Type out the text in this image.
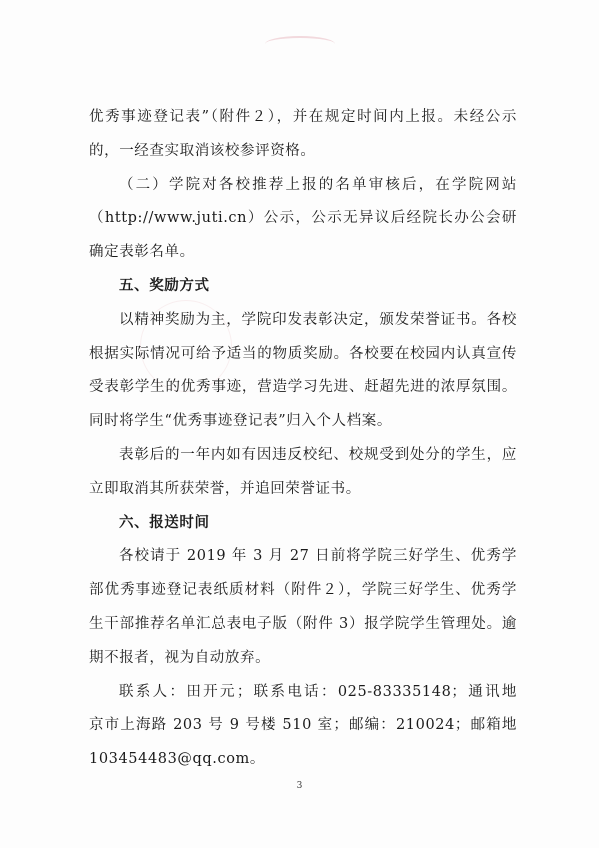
优秀事迹登记表”（附件２），并在规定时间内上报。未经公示
的，一经查实取消该校参评资格。
（二）学院对各校推荐上报的名单审核后，在学院网站
（http://www.juti.cn）公示，公示无异议后经院长办公会研
确定表彰名单。
五、奖励方式
以精神奖励为主，学院印发表彰决定，颁发荣誉证书。各校
根据实际情况可给予适当的物质奖励。各校要在校园内认真宣传
受表彰学生的优秀事迹，营造学习先进、赶超先进的浓厚氛围。
同时将学生“优秀事迹登记表”归入个人档案。
表彰后的一年内如有因违反校纪、校规受到处分的学生，应
立即取消其所获荣誉，并追回荣誉证书。
六、报送时间
各校请于 2019 年 3 月 27 日前将学院三好学生、优秀学
部优秀事迹登记表纸质材料（附件２），学院三好学生、优秀学
生干部推荐名单汇总表电子版（附件 3）报学院学生管理处。逾
期不报者，视为自动放弃。
联系人：田开元；联系电话：025-83335148；通讯地
京市上海路 203 号 9 号楼 510 室；邮编：210024；邮箱地
103454483@qq.com。
3
